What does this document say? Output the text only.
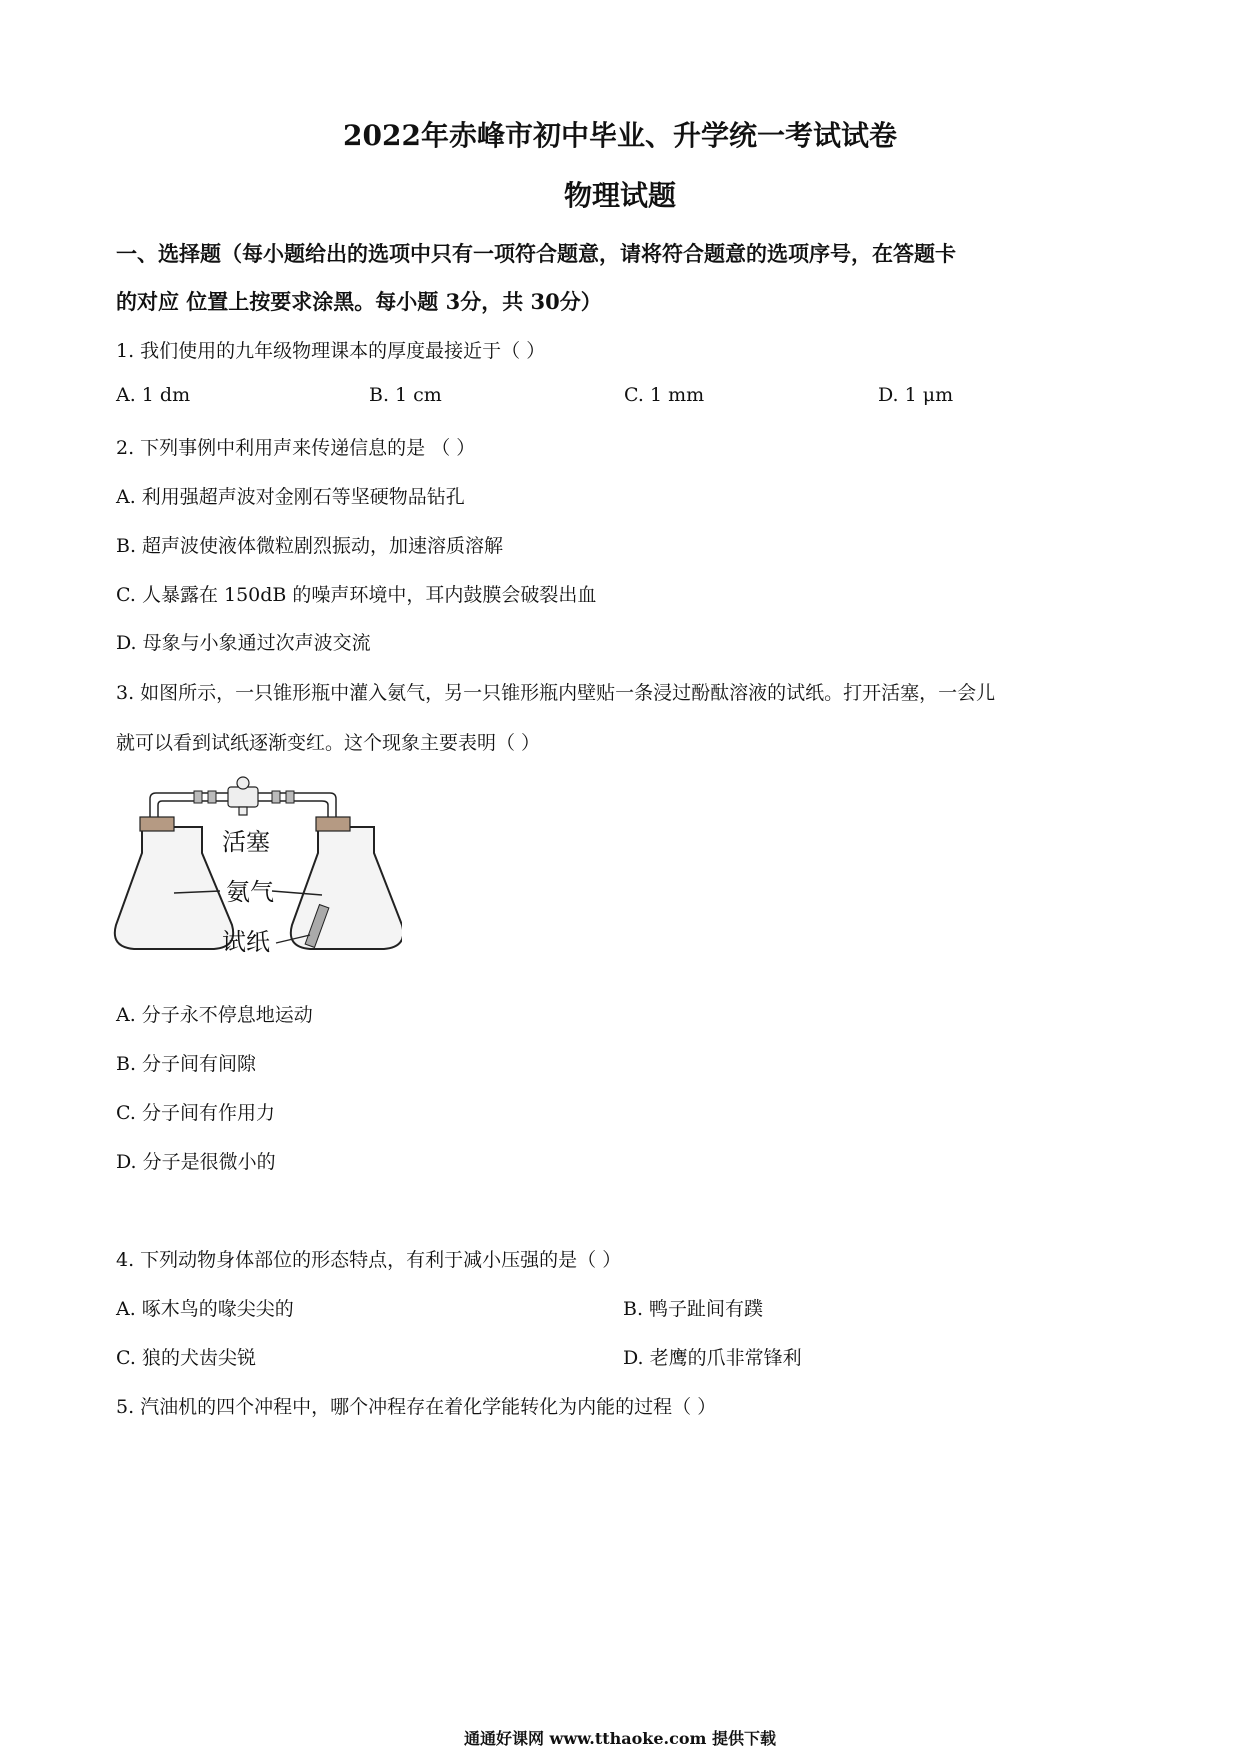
2022年赤峰市初中毕业、升学统一考试试卷
物理试题
一、选择题（每小题给出的选项中只有一项符合题意，请将符合题意的选项序号，在答题卡
的对应 位置上按要求涂黑。每小题 3分，共 30分）
1. 我们使用的九年级物理课本的厚度最接近于（ ）
A. 1 dm	B. 1 cm	C. 1 mm	D. 1 μm
2. 下列事例中利用声来传递信息的是 （ ）
A. 利用强超声波对金刚石等坚硬物品钻孔
B. 超声波使液体微粒剧烈振动，加速溶质溶解
C. 人暴露在 150dB 的噪声环境中，耳内鼓膜会破裂出血
D. 母象与小象通过次声波交流
3. 如图所示，一只锥形瓶中灌入氨气，另一只锥形瓶内壁贴一条浸过酚酞溶液的试纸。打开活塞，一会儿
就可以看到试纸逐渐变红。这个现象主要表明（ ）
活塞
氨气
试纸
A. 分子永不停息地运动
B. 分子间有间隙
C. 分子间有作用力
D. 分子是很微小的
4. 下列动物身体部位的形态特点，有利于减小压强的是（ ）
A. 啄木鸟的喙尖尖的	B. 鸭子趾间有蹼
C. 狼的犬齿尖锐	D. 老鹰的爪非常锋利
5. 汽油机的四个冲程中，哪个冲程存在着化学能转化为内能的过程（ ）
通通好课网 www.tthaoke.com 提供下载
